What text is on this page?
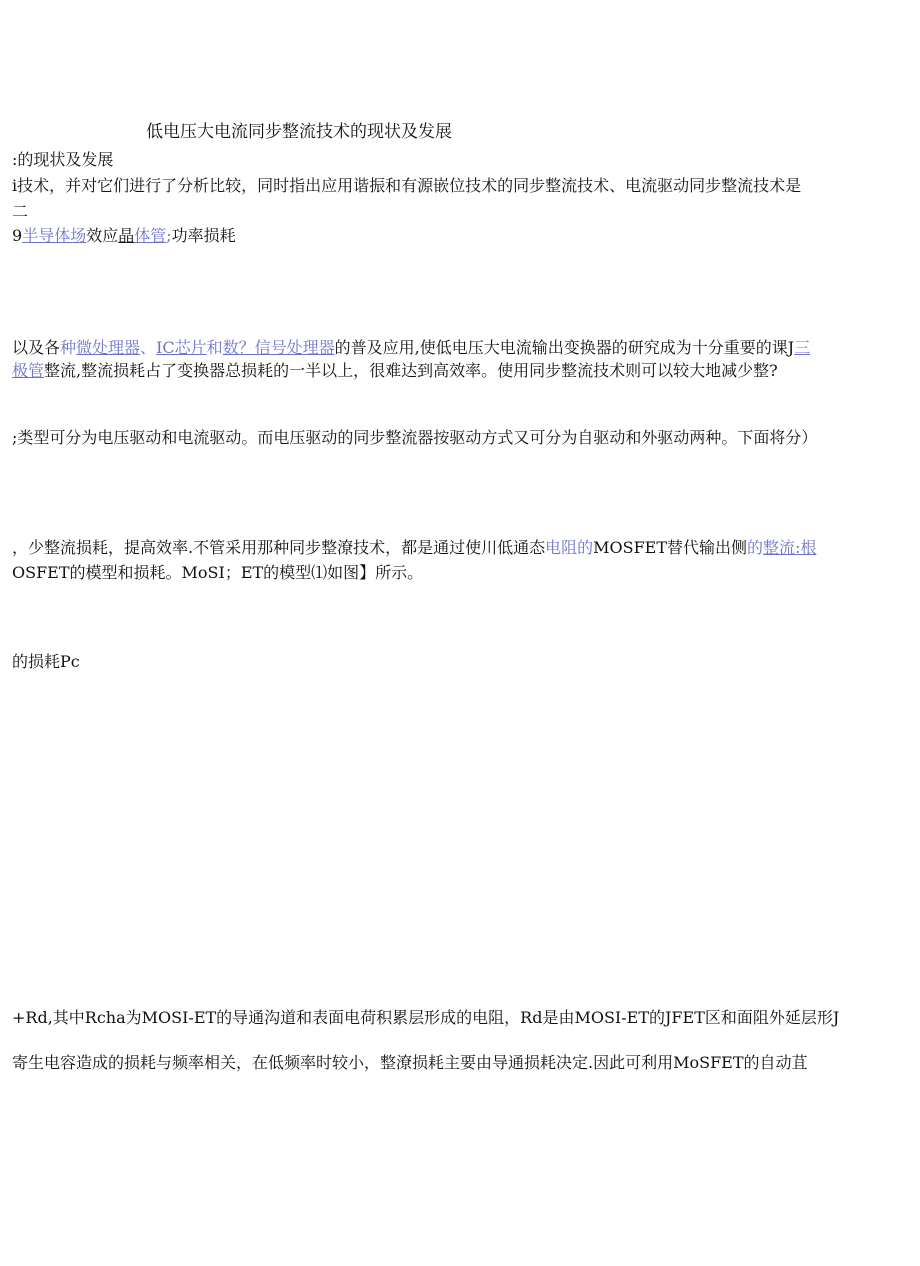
低电压大电流同步整流技术的现状及发展
:的现状及发展
i技术，并对它们进行了分析比较，同时指出应用谐振和有源嵌位技术的同步整流技术、电流驱动同步整流技术是
二
9半导体场效应晶体管;功率损耗
以及各种微处理器、IC芯片和数？信号处理器的普及应用,使低电压大电流输出变换器的研究成为十分重要的课J三
极管整流,整流损耗占了变换器总损耗的一半以上，很难达到高效率。使用同步整流技术则可以较大地减少整?
;类型可分为电压驱动和电流驱动。而电压驱动的同步整流器按驱动方式又可分为自驱动和外驱动两种。下面将分）
，少整流损耗，提高效率.不管采用那种同步整潦技术，都是通过使川低通态电阻的MOSFET替代输出侧的整流:根
OSFET的模型和损耗。MoSI；ET的模型⑴如图】所示。
的损耗Pc
+Rd,其中Rcha为MOSI-ET的导通沟道和表面电荷积累层形成的电阻，Rd是由MOSI-ET的JFET区和面阻外延层形J
寄生电容造成的损耗与频率相关，在低频率时较小，整潦损耗主要由导通损耗决定.因此可利用MoSFET的自动苴
